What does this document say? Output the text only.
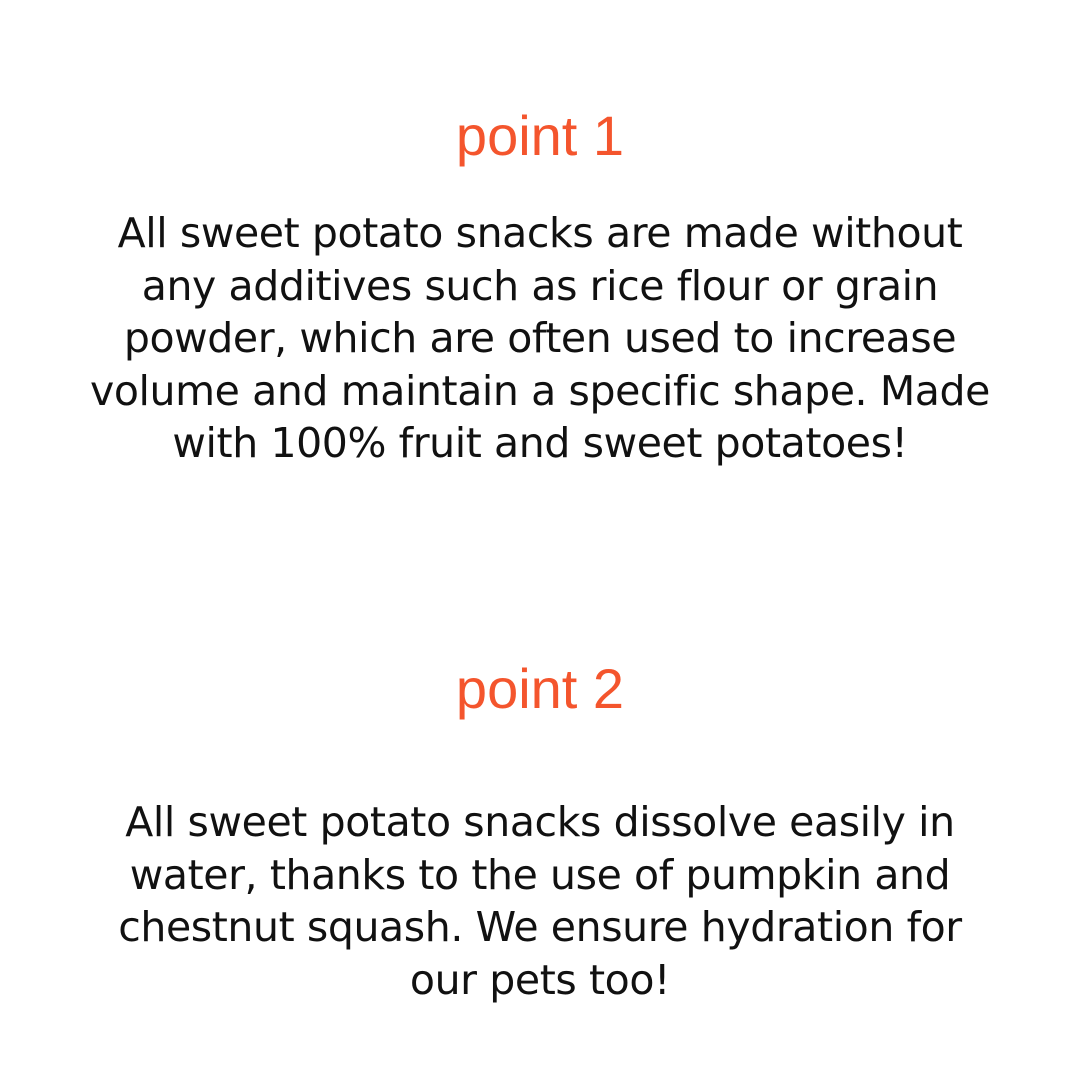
point 1
All sweet potato snacks are made without
any additives such as rice flour or grain
powder, which are often used to increase
volume and maintain a specific shape. Made
with 100% fruit and sweet potatoes!
point 2
All sweet potato snacks dissolve easily in
water, thanks to the use of pumpkin and
chestnut squash. We ensure hydration for
our pets too!
